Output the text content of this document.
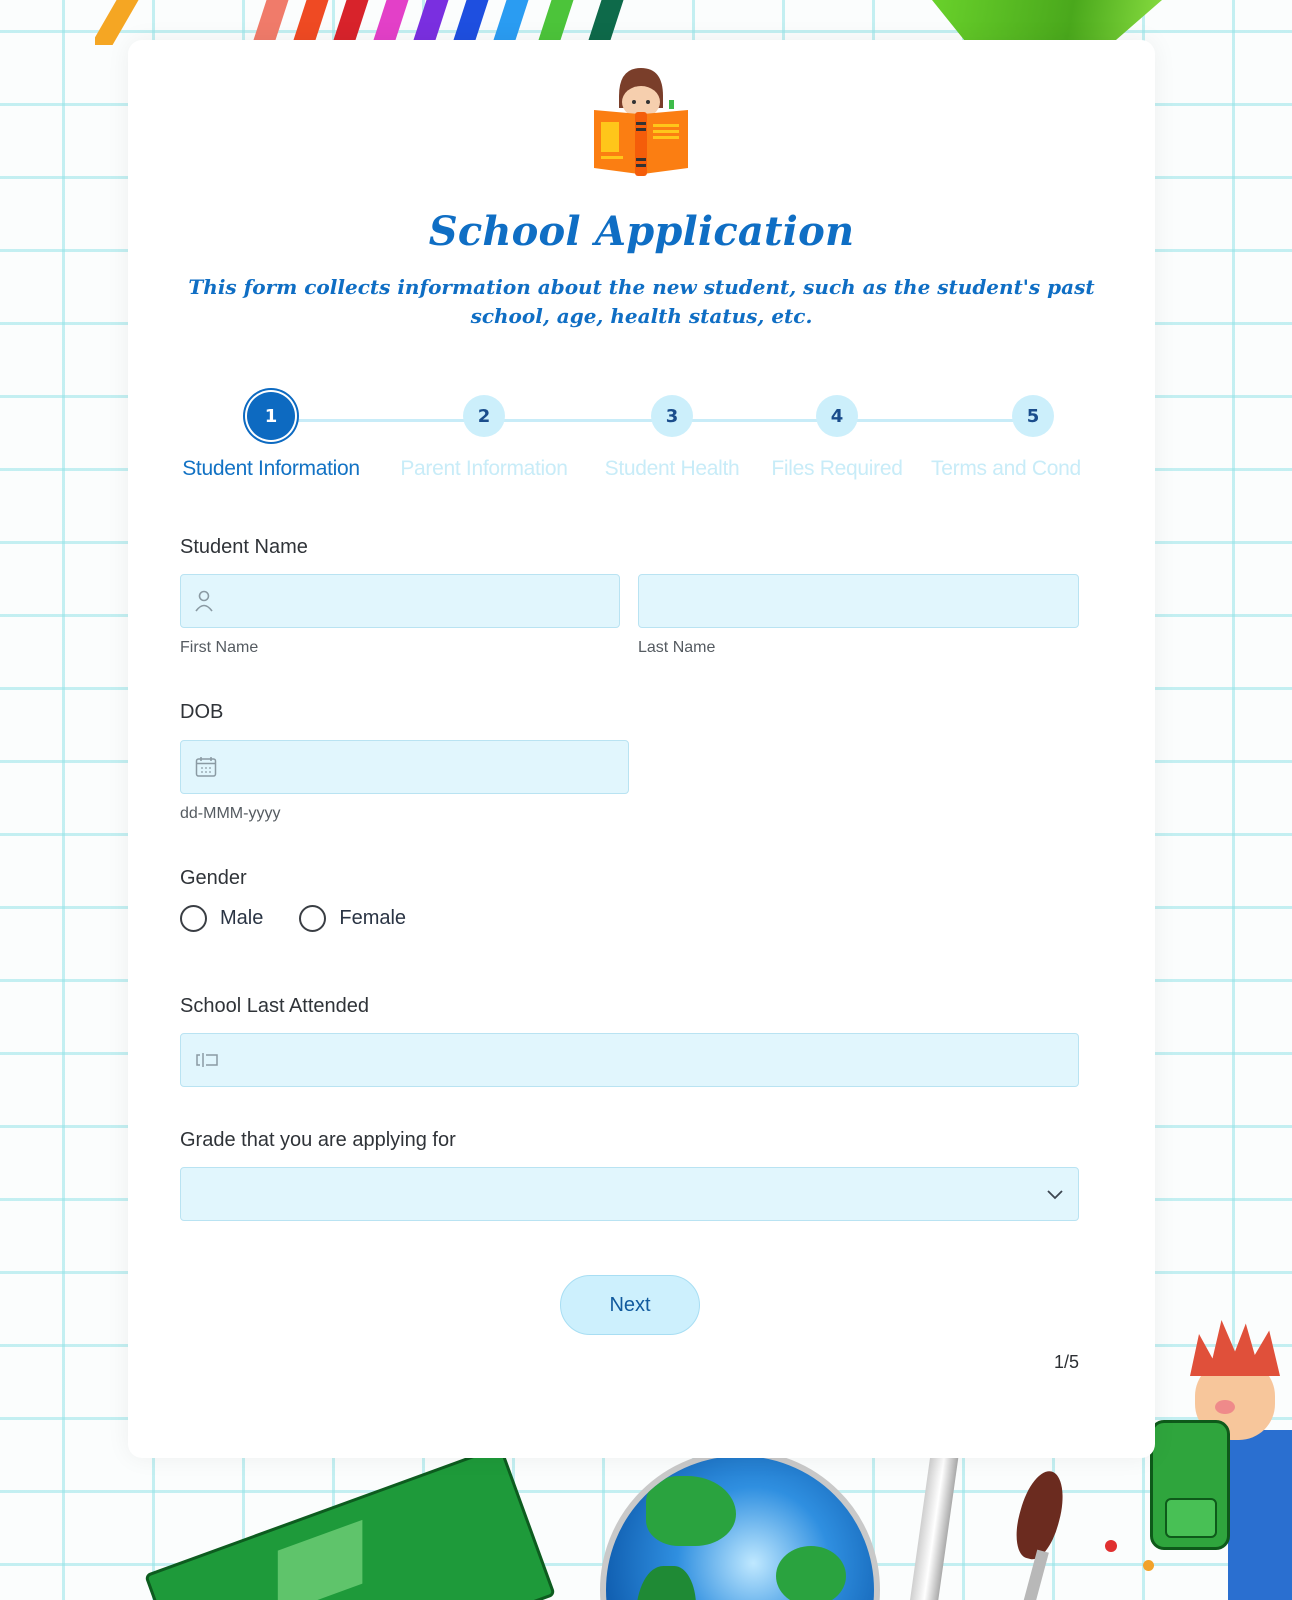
School Application
This form collects information about the new student, such as the student's past school, age, health status, etc.
1	2	3	4	5
Student Information Parent Information Student Health Files Required Terms and Cond
Student Name
First Name	Last Name
DOB
dd-MMM-yyyy
Gender
Male	Female
School Last Attended
Grade that you are applying for
Next
1/5
